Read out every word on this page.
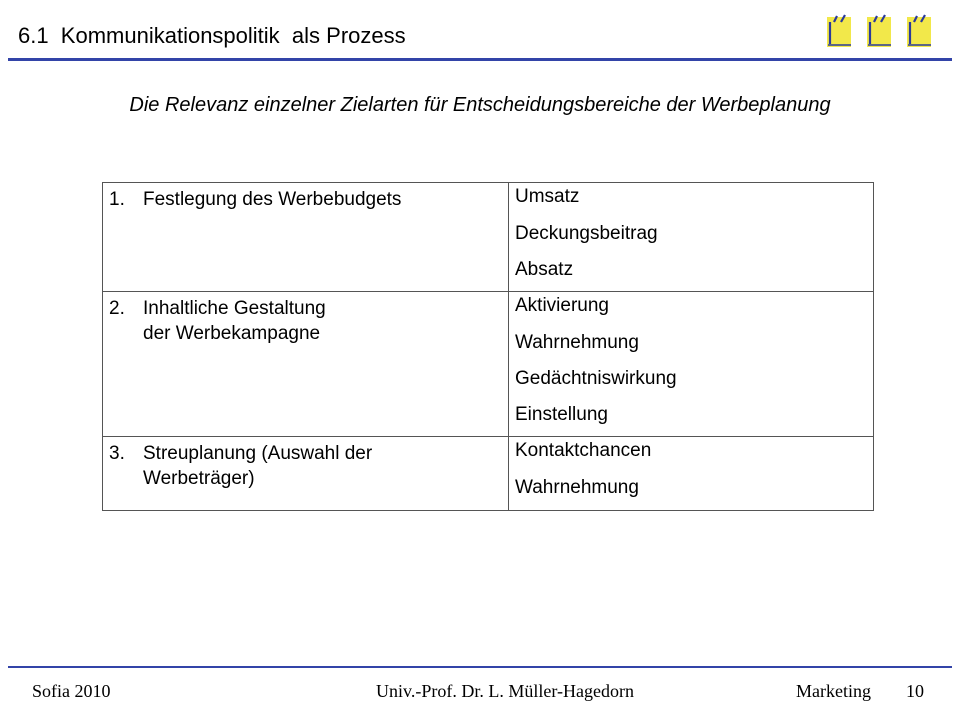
6.1  Kommunikationspolitik  als Prozess
Die Relevanz einzelner Zielarten für Entscheidungsbereiche der Werbeplanung
1. Festlegung des Werbebudgets	Umsatz
Deckungsbeitrag
Absatz

2. Inhaltliche Gestaltung
der Werbekampagne	Aktivierung
Wahrnehmung
Gedächtniswirkung
Einstellung

3. Streuplanung (Auswahl der
Werbeträger)	Kontaktchancen
Wahrnehmung
Sofia 2010	Univ.-Prof. Dr. L. Müller-Hagedorn	Marketing 10
